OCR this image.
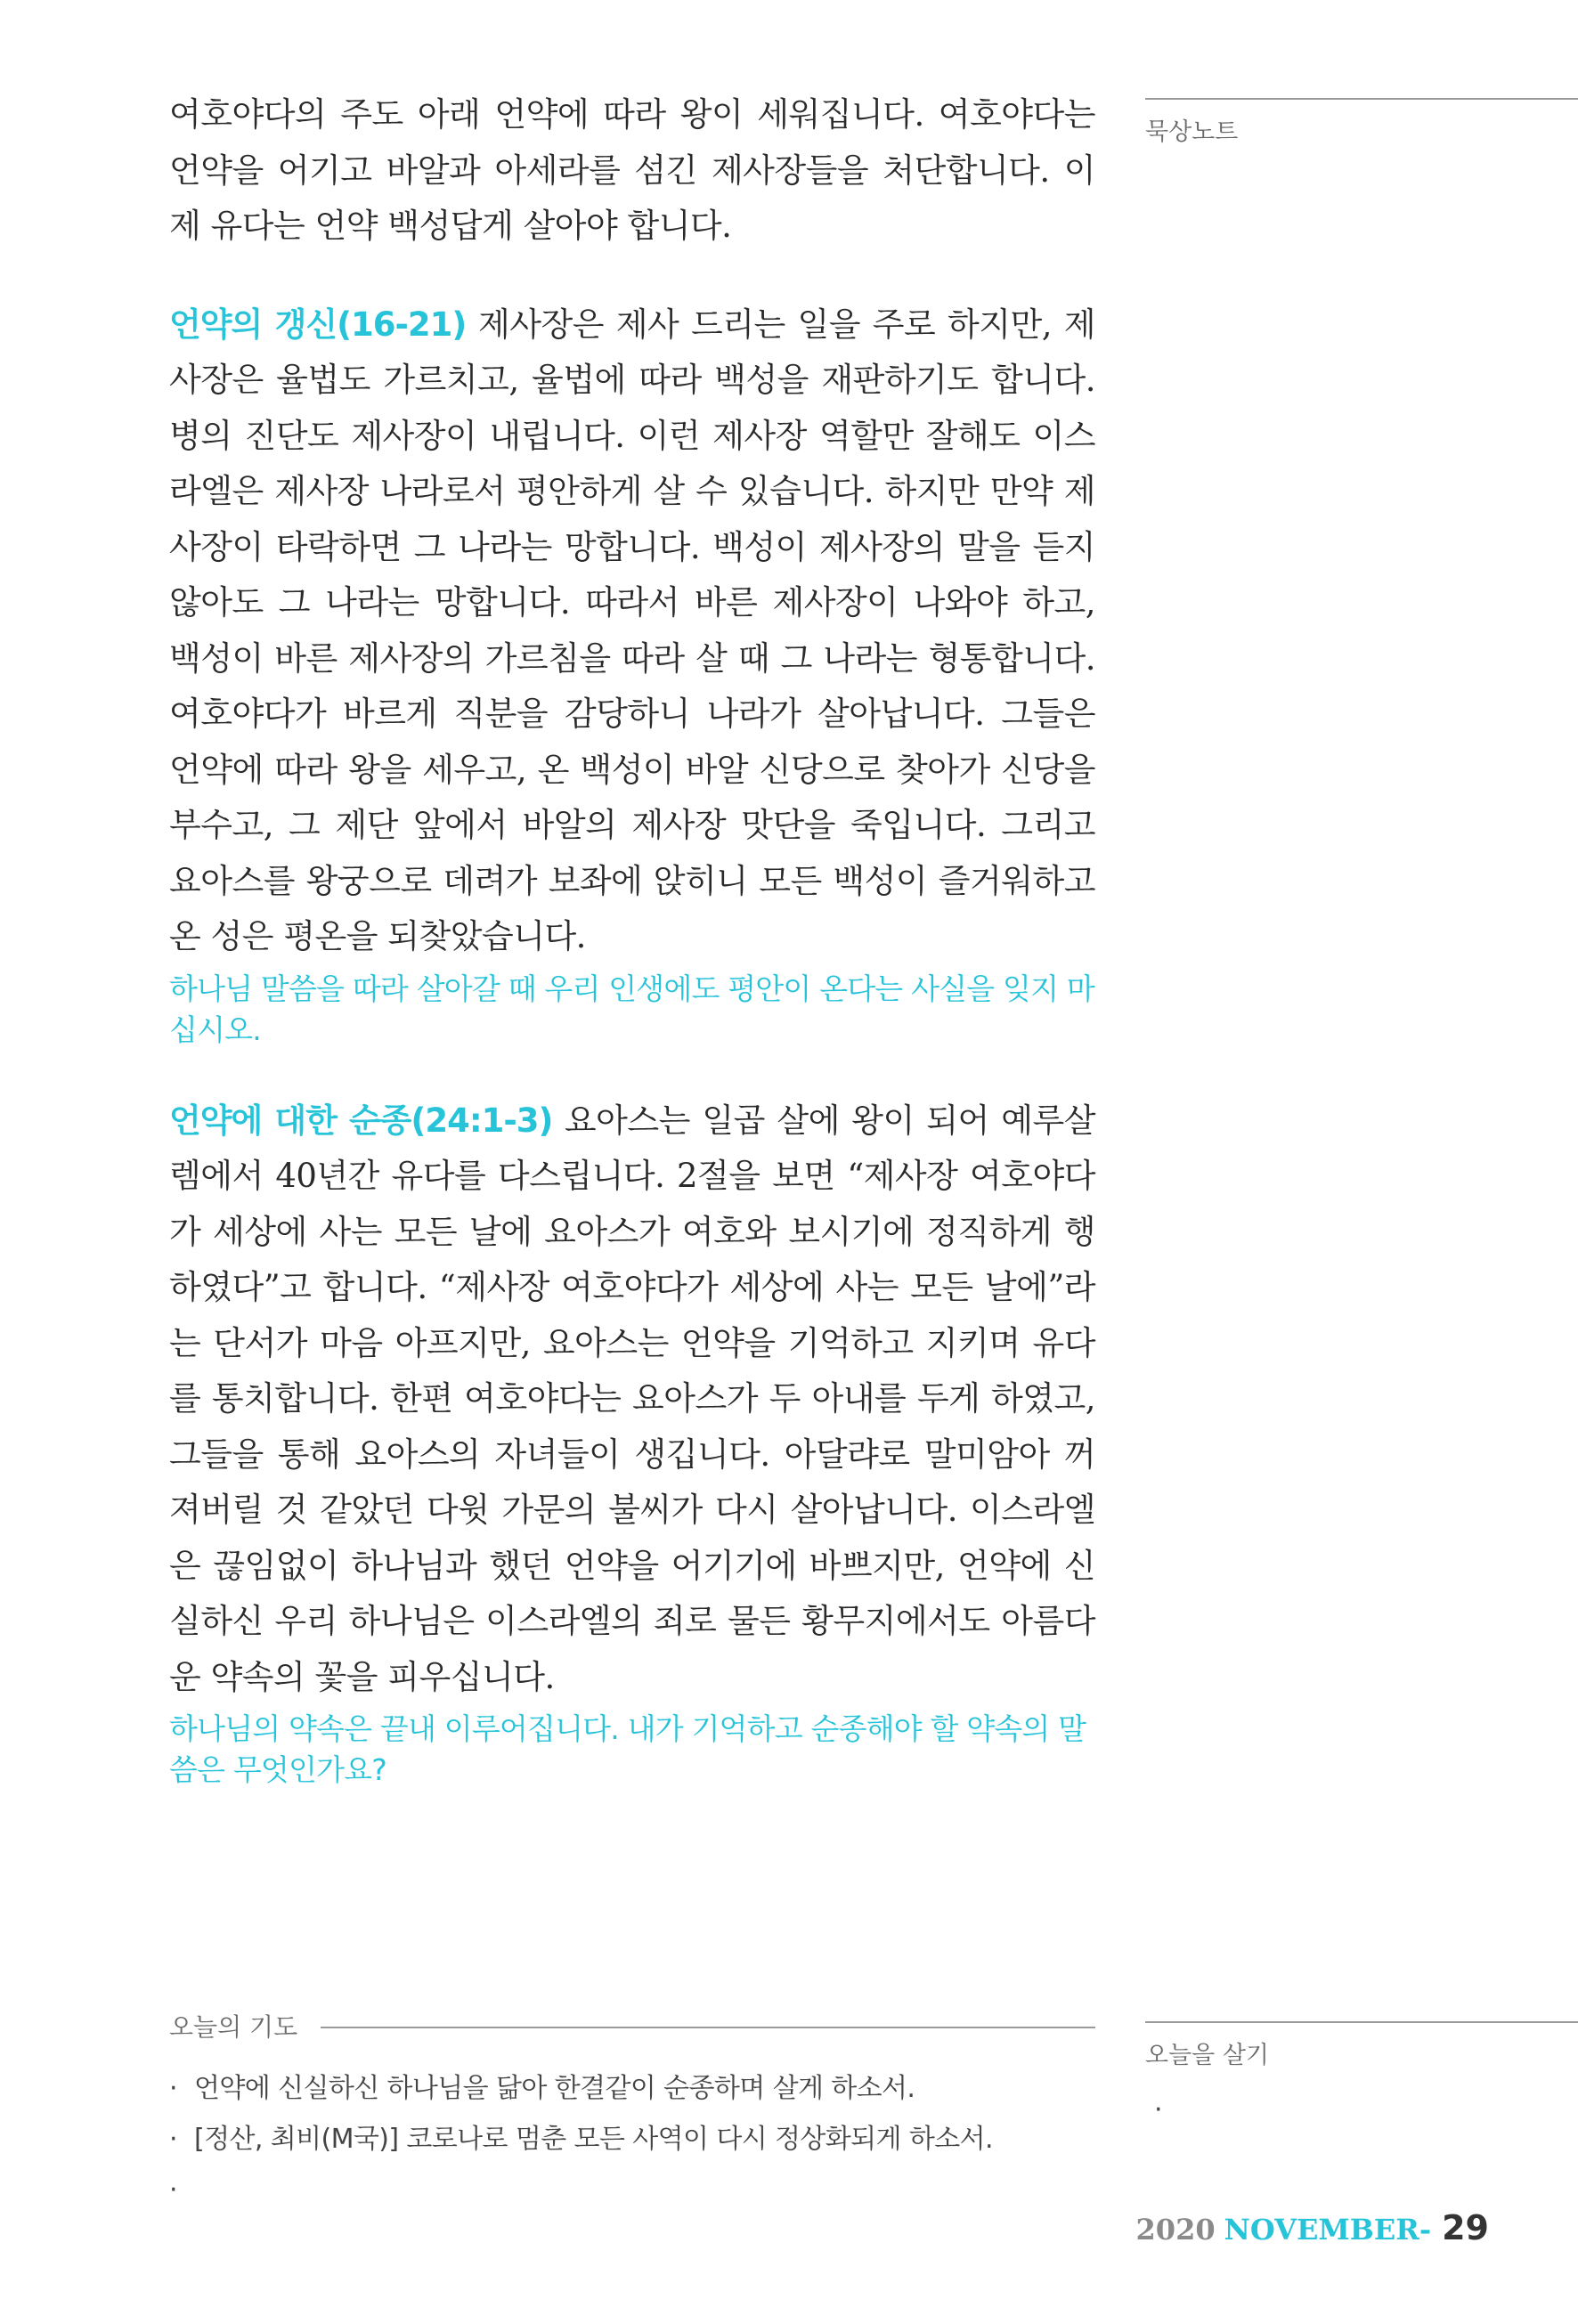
여호야다의 주도 아래 언약에 따라 왕이 세워집니다. 여호야다는 언약을 어기고 바알과 아세라를 섬긴 제사장들을 처단합니다. 이제 유다는 언약 백성답게 살아야 합니다.

언약의 갱신(16-21) 제사장은 제사 드리는 일을 주로 하지만, 제사장은 율법도 가르치고, 율법에 따라 백성을 재판하기도 합니다. 병의 진단도 제사장이 내립니다. 이런 제사장 역할만 잘해도 이스라엘은 제사장 나라로서 평안하게 살 수 있습니다. 하지만 만약 제사장이 타락하면 그 나라는 망합니다. 백성이 제사장의 말을 듣지 않아도 그 나라는 망합니다. 따라서 바른 제사장이 나와야 하고, 백성이 바른 제사장의 가르침을 따라 살 때 그 나라는 형통합니다. 여호야다가 바르게 직분을 감당하니 나라가 살아납니다. 그들은 언약에 따라 왕을 세우고, 온 백성이 바알 신당으로 찾아가 신당을 부수고, 그 제단 앞에서 바알의 제사장 맛단을 죽입니다. 그리고 요아스를 왕궁으로 데려가 보좌에 앉히니 모든 백성이 즐거워하고 온 성은 평온을 되찾았습니다.

하나님 말씀을 따라 살아갈 때 우리 인생에도 평안이 온다는 사실을 잊지 마십시오.

언약에 대한 순종(24:1-3) 요아스는 일곱 살에 왕이 되어 예루살렘에서 40년간 유다를 다스립니다. 2절을 보면 “제사장 여호야다가 세상에 사는 모든 날에 요아스가 여호와 보시기에 정직하게 행하였다”고 합니다. “제사장 여호야다가 세상에 사는 모든 날에”라는 단서가 마음 아프지만, 요아스는 언약을 기억하고 지키며 유다를 통치합니다. 한편 여호야다는 요아스가 두 아내를 두게 하였고, 그들을 통해 요아스의 자녀들이 생깁니다. 아달랴로 말미암아 꺼져버릴 것 같았던 다윗 가문의 불씨가 다시 살아납니다. 이스라엘은 끊임없이 하나님과 했던 언약을 어기기에 바쁘지만, 언약에 신실하신 우리 하나님은 이스라엘의 죄로 물든 황무지에서도 아름다운 약속의 꽃을 피우십니다.

하나님의 약속은 끝내 이루어집니다. 내가 기억하고 순종해야 할 약속의 말씀은 무엇인가요?

묵상노트
오늘의 기도
· 언약에 신실하신 하나님을 닮아 한결같이 순종하며 살게 하소서.
· [정산, 최비(M국)] 코로나로 멈춘 모든 사역이 다시 정상화되게 하소서.
·
오늘을 살기
·
2020 NOVEMBER- 29
